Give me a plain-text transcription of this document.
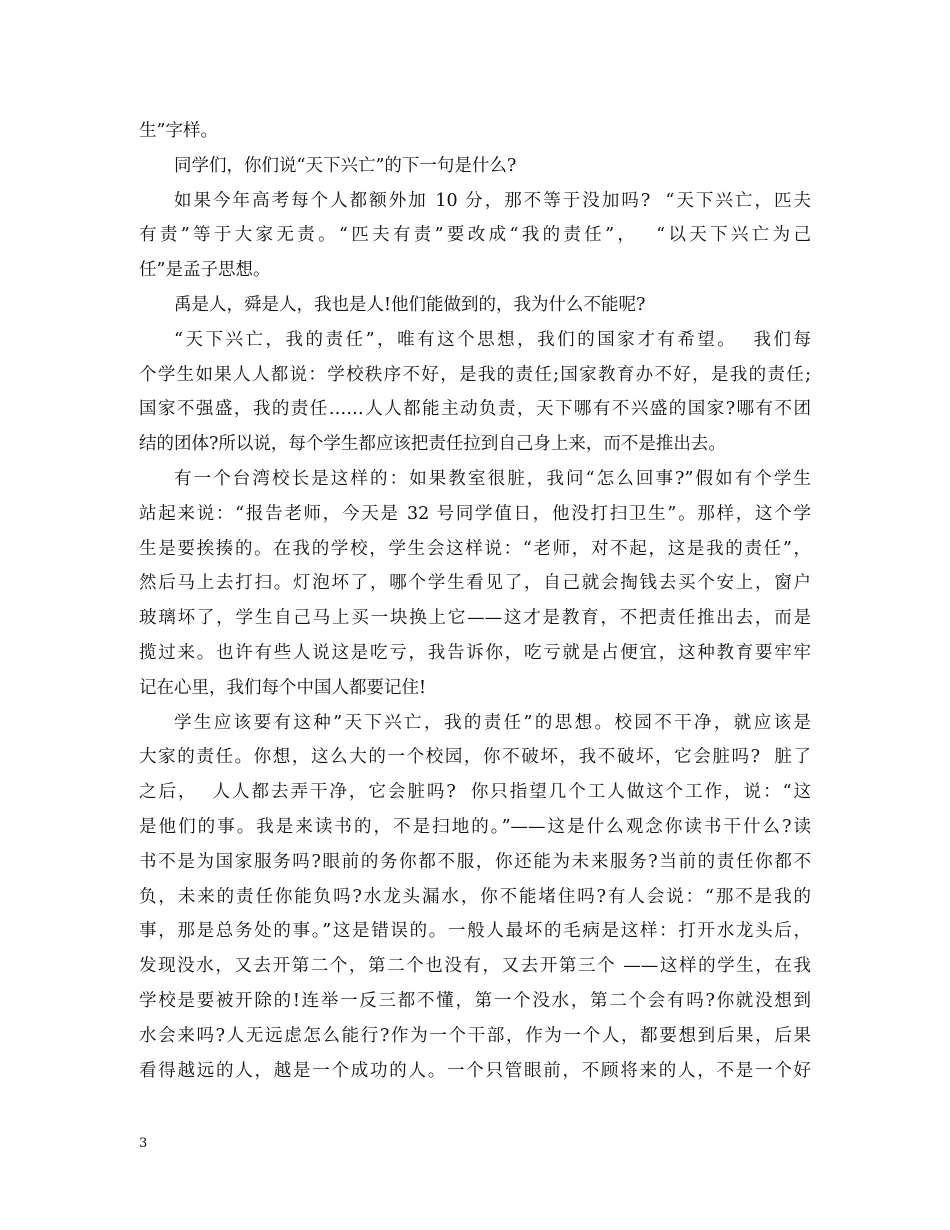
生”字样。
同学们，你们说“天下兴亡”的下一句是什么?
如果今年高考每个人都额外加 10 分，那不等于没加吗?  “天下兴亡，匹夫
有责”等于大家无责。“匹夫有责”要改成“我的责任”，  “以天下兴亡为己
任”是孟子思想。
禹是人，舜是人，我也是人!他们能做到的，我为什么不能呢?
“天下兴亡，我的责任”，唯有这个思想，我们的国家才有希望。  我们每
个学生如果人人都说：学校秩序不好，是我的责任;国家教育办不好，是我的责任;
国家不强盛，我的责任……人人都能主动负责，天下哪有不兴盛的国家?哪有不团
结的团体?所以说，每个学生都应该把责任拉到自己身上来，而不是推出去。
有一个台湾校长是这样的：如果教室很脏，我问“怎么回事?”假如有个学生
站起来说：“报告老师，今天是 32 号同学值日，他没打扫卫生”。那样，这个学
生是要挨揍的。在我的学校，学生会这样说：“老师，对不起，这是我的责任”，
然后马上去打扫。灯泡坏了，哪个学生看见了，自己就会掏钱去买个安上，窗户
玻璃坏了，学生自己马上买一块换上它——这才是教育，不把责任推出去，而是
揽过来。也许有些人说这是吃亏，我告诉你，吃亏就是占便宜，这种教育要牢牢
记在心里，我们每个中国人都要记住!
学生应该要有这种”天下兴亡，我的责任”的思想。校园不干净，就应该是
大家的责任。你想，这么大的一个校园，你不破坏，我不破坏，它会脏吗?  脏了
之后，  人人都去弄干净，它会脏吗?  你只指望几个工人做这个工作，说：“这
是他们的事。我是来读书的，不是扫地的。”——这是什么观念你读书干什么?读
书不是为国家服务吗?眼前的务你都不服，你还能为未来服务?当前的责任你都不
负，未来的责任你能负吗?水龙头漏水，你不能堵住吗?有人会说：“那不是我的
事，那是总务处的事。”这是错误的。一般人最坏的毛病是这样：打开水龙头后，
发现没水，又去开第二个，第二个也没有，又去开第三个 ——这样的学生，在我
学校是要被开除的!连举一反三都不懂，第一个没水，第二个会有吗?你就没想到
水会来吗?人无远虑怎么能行?作为一个干部，作为一个人，都要想到后果，后果
看得越远的人，越是一个成功的人。一个只管眼前，不顾将来的人，不是一个好
3
